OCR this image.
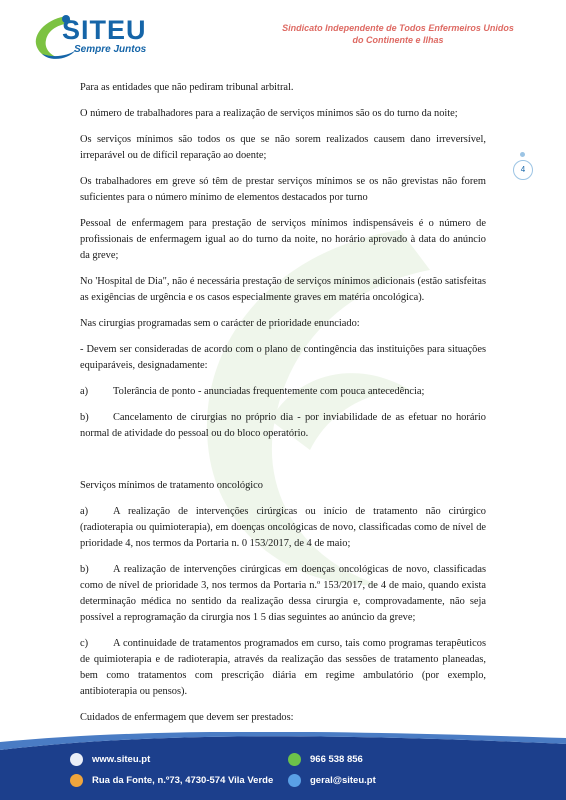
SITEU
Sempre Juntos
Sindicato Independente de Todos Enfermeiros Unidos
do Continente e Ilhas
4

Para as entidades que não pediram tribunal arbitral.

O número de trabalhadores para a realização de serviços mínimos são os do turno da noite;

Os serviços mínimos são todos os que se não sorem realizados causem dano irreversível, irreparável ou de difícil reparação ao doente;

Os trabalhadores em greve só têm de prestar serviços mínimos se os não grevistas não forem suficientes para o número mínimo de elementos destacados por turno

Pessoal de enfermagem para prestação de serviços mínimos indispensáveis é o número de profissionais de enfermagem igual ao do turno da noite, no horário aprovado à data do anúncio da greve;

No 'Hospital de Dia", não é necessária prestação de serviços mínimos adicionais (estão satisfeitas as exigências de urgência e os casos especialmente graves em matéria oncológica).

Nas cirurgias programadas sem o carácter de prioridade enunciado:

- Devem ser consideradas de acordo com o plano de contingência das instituições para situações equiparáveis, designadamente:

a)	Tolerância de ponto - anunciadas frequentemente com pouca antecedência;

b) Cancelamento de cirurgias no próprio dia - por inviabilidade de as efetuar no horário normal de atividade do pessoal ou do bloco operatório.

Serviços mínimos de tratamento oncológico

a) A realização de intervenções cirúrgicas ou início de tratamento não cirúrgico (radioterapia ou quimioterapia), em doenças oncológicas de novo, classificadas como de nível de prioridade 4, nos termos da Portaria n. 0 153/2017, de 4 de maio;

b) A realização de intervenções cirúrgicas em doenças oncológicas de novo, classificadas como de nível de prioridade 3, nos termos da Portaria n.º 153/2017, de 4 de maio, quando exista determinação médica no sentido da realização dessa cirurgia e, comprovadamente, não seja possível a reprogramação da cirurgia nos 1 5 dias seguintes ao anúncio da greve;

c) A continuidade de tratamentos programados em curso, tais como programas terapêuticos de quimioterapia e de radioterapia, através da realização das sessões de tratamento planeadas, bem como tratamentos com prescrição diária em regime ambulatório (por exemplo, antibioterapia ou pensos).

Cuidados de enfermagem que devem ser prestados:

www.siteu.pt
Rua da Fonte, n.º73, 4730-574 Vila Verde
966 538 856
geral@siteu.pt
